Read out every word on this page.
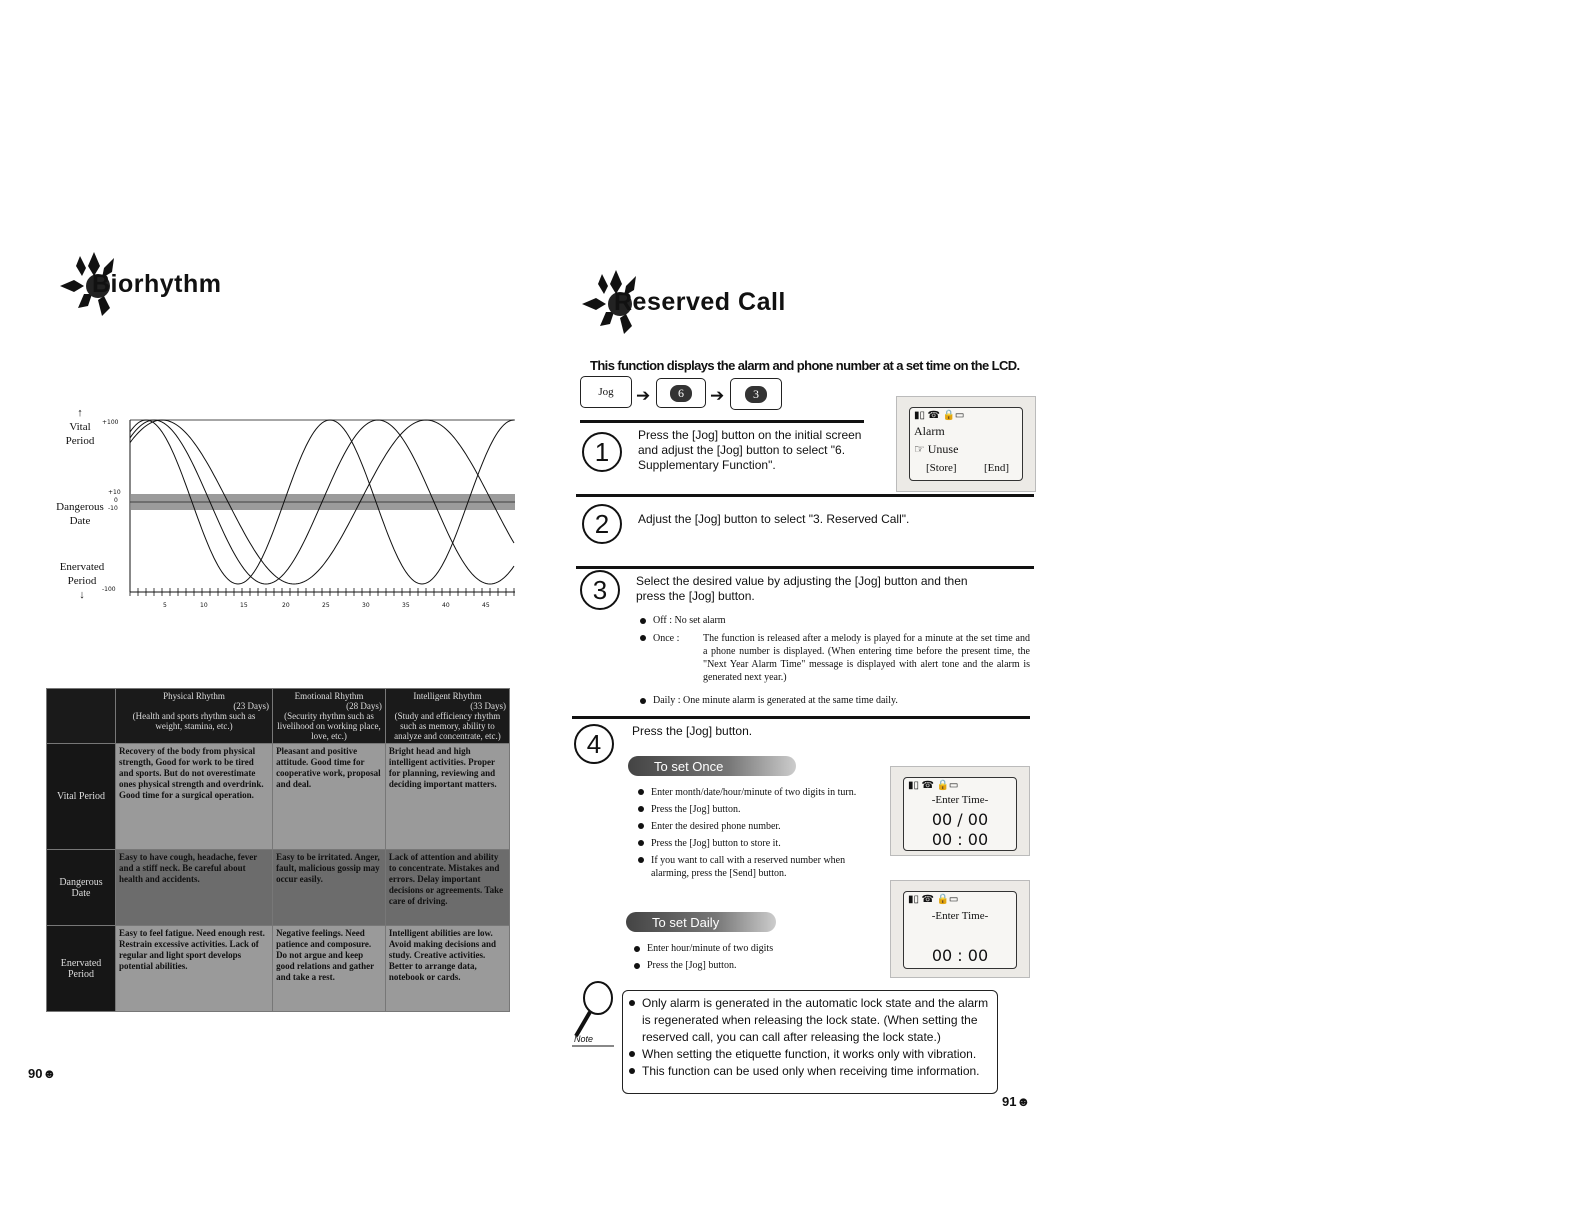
Biorhythm
↑
Vital Period
Dangerous Date
Enervated Period
↓
+100
+10
0
-10
-100
5	10	15	20	25	30	35	40	45
	Physical Rhythm

(23 Days)

(Health and sports rhythm such as weight, stamina, etc.)	Emotional Rhythm

(28 Days)

(Security rhythm such as livelihood on working place, love, etc.)	Intelligent Rhythm

(33 Days)

(Study and efficiency rhythm such as memory, ability to analyze and concentrate, etc.)
Vital Period	Recovery of the body from physical strength, Good for work to be tired and sports. But do not overestimate ones physical strength and overdrink. Good time for a surgical operation.	Pleasant and positive attitude. Good time for cooperative work, proposal and deal.	Bright head and high intelligent activities. Proper for planning, reviewing and deciding important matters.
Dangerous Date	Easy to have cough, headache, fever and a stiff neck. Be careful about health and accidents.	Easy to be irritated. Anger, fault, malicious gossip may occur easily.	Lack of attention and ability to concentrate. Mistakes and errors. Delay important decisions or agreements. Take care of driving.
Enervated Period	Easy to feel fatigue. Need enough rest. Restrain excessive activities. Lack of regular and light sport develops potential abilities.	Negative feelings. Need patience and composure. Do not argue and keep good relations and gather and take a rest.	Intelligent abilities are low. Avoid making decisions and study. Creative activities. Better to arrange data, notebook or cards.
90☻
Reserved Call
This function displays the alarm and phone number at a set time on the LCD.
Jog	➔	6	➔	3
1
Press the [Jog] button on the initial screen and adjust the [Jog] button to select "6. Supplementary Function".
▮▯ ☎ 🔒▭
Alarm
☞ Unuse
[Store] [End]
2	Adjust the [Jog] button to select "3. Reserved Call".
3	Select the desired value by adjusting the [Jog] button and then press the [Jog] button.
Off : No set alarm
Once :	The function is released after a melody is played for a minute at the set time and a phone number is displayed. (When entering time before the present time, the "Next Year Alarm Time" message is displayed with alert tone and the alarm is generated next year.)
Daily : One minute alarm is generated at the same time daily.
4	Press the [Jog] button.
To set Once
Enter month/date/hour/minute of two digits in turn.
Press the [Jog] button.
Enter the desired phone number.
Press the [Jog] button to store it.
If you want to call with a reserved number when alarming, press the [Send] button.
▮▯ ☎ 🔒▭
-Enter Time-
00 / 00
00 : 00
To set Daily
Enter hour/minute of two digits
Press the [Jog] button.
▮▯ ☎ 🔒▭
-Enter Time-
00 : 00
Note
Only alarm is generated in the automatic lock state and the alarm is regenerated when releasing the lock state. (When setting the reserved call, you can call after releasing the lock state.)
When setting the etiquette function, it works only with vibration.
This function can be used only when receiving time information.
91☻
